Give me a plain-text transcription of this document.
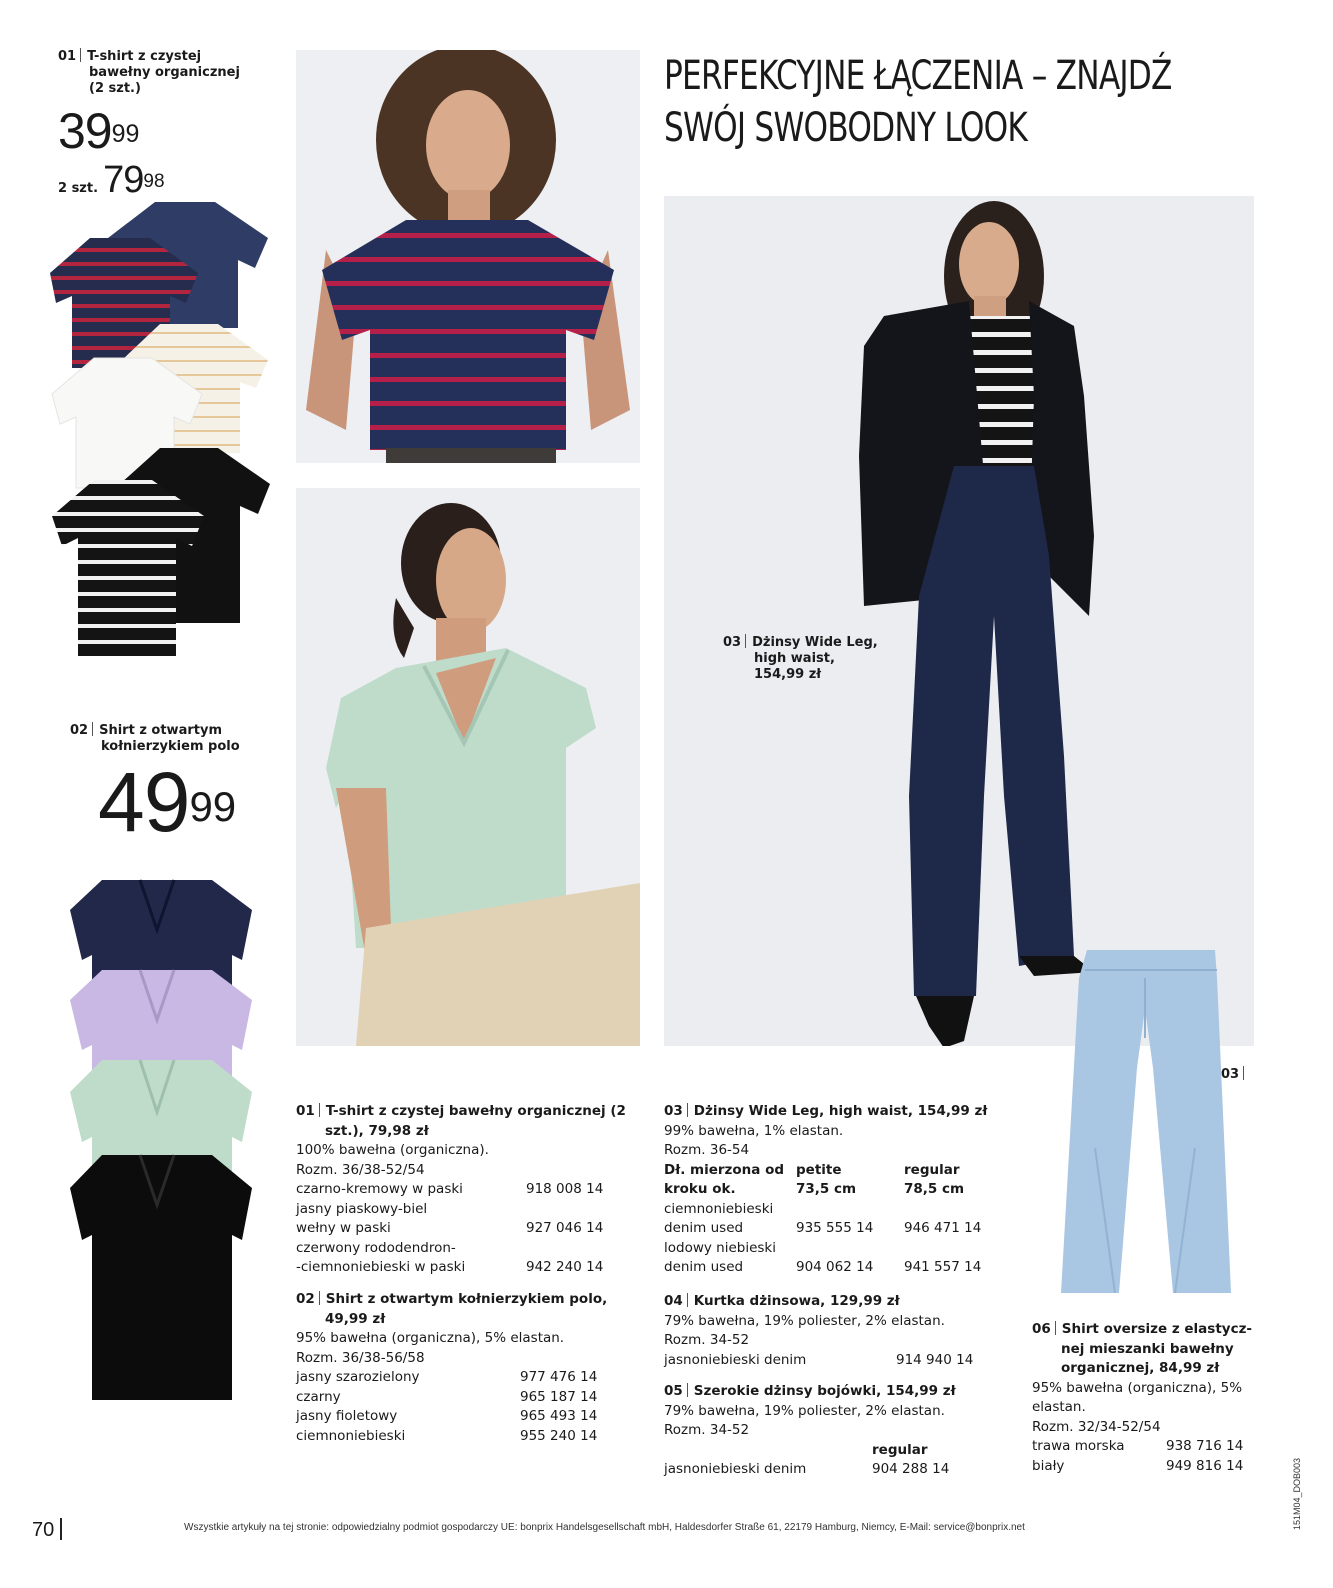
01 T-shirt z czystej
bawełny organicznej
(2 szt.)
$39^{99}$
2 szt. $79^{98}$
02 Shirt z otwartym
kołnierzykiem polo
$49^{99}$
PERFEKCYJNE ŁĄCZENIA – ZNAJDŹ
SWÓJ SWOBODNY LOOK
03 Dżinsy Wide Leg,
high waist,
154,99 zł
03
01 T-shirt z czystej bawełny organicznej (2
szt.), 79,98 zł
100% bawełna (organiczna).
Rozm. 36/38-52/54
czarno-kremowy w paski	918 008 14
jasny piaskowy-biel
wełny w paski	927 046 14
czerwony rododendron-
-ciemnoniebieski w paski	942 240 14
02 Shirt z otwartym kołnierzykiem polo,
49,99 zł
95% bawełna (organiczna), 5% elastan.
Rozm. 36/38-56/58
jasny szarozielony	977 476 14
czarny	965 187 14
jasny fioletowy	965 493 14
ciemnoniebieski	955 240 14
03 Dżinsy Wide Leg, high waist, 154,99 zł
99% bawełna, 1% elastan.
Rozm. 36-54
Dł. mierzona od petite	regular
kroku ok.	73,5 cm	78,5 cm
ciemnoniebieski
denim used	935 555 14	946 471 14
lodowy niebieski
denim used	904 062 14	941 557 14
04 Kurtka dżinsowa, 129,99 zł
79% bawełna, 19% poliester, 2% elastan.
Rozm. 34-52
jasnoniebieski denim	914 940 14
05 Szerokie dżinsy bojówki, 154,99 zł
79% bawełna, 19% poliester, 2% elastan.
Rozm. 34-52
regular
jasnoniebieski denim	904 288 14
06 Shirt oversize z elastycz-
nej mieszanki bawełny
organicznej, 84,99 zł
95% bawełna (organiczna), 5%
elastan.
Rozm. 32/34-52/54
trawa morska	938 716 14
biały	949 816 14
70	Wszystkie artykuły na tej stronie: odpowiedzialny podmiot gospodarczy UE: bonprix Handelsgesellschaft mbH, Haldesdorfer Straße 61, 22179 Hamburg, Niemcy, E-Mail: service@bonprix.net	151M04_DOB003
